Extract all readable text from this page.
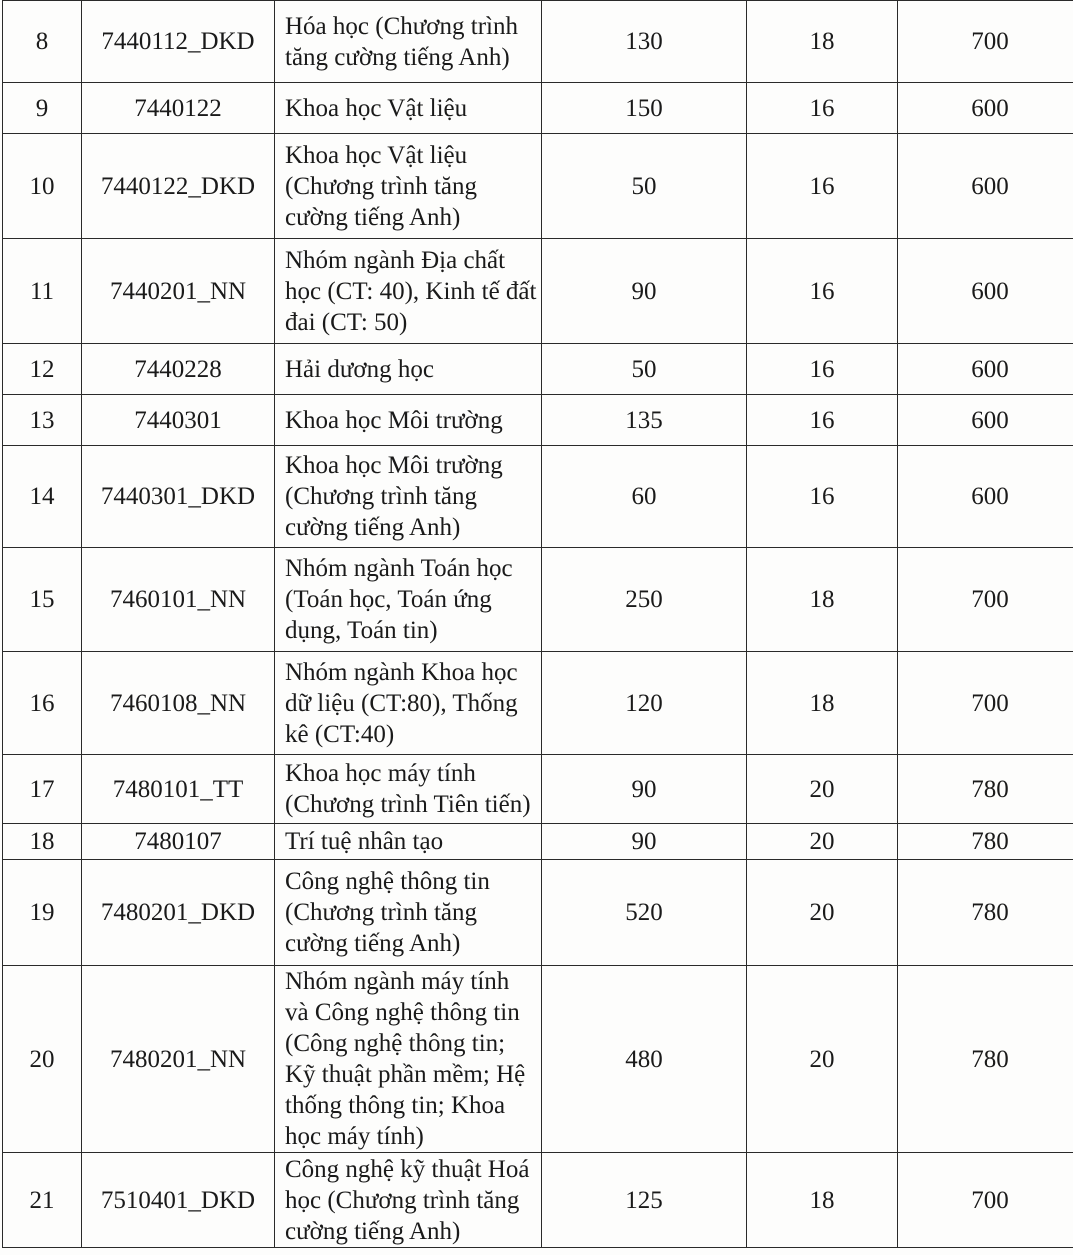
8	7440112_DKD	Hóa học (Chương trình tăng cường tiếng Anh)	130	18	700
9	7440122	Khoa học Vật liệu	150	16	600
10	7440122_DKD	Khoa học Vật liệu (Chương trình tăng cường tiếng Anh)	50	16	600
11	7440201_NN	Nhóm ngành Địa chất học (CT: 40), Kinh tế đất đai (CT: 50)	90	16	600
12	7440228	Hải dương học	50	16	600
13	7440301	Khoa học Môi trường	135	16	600
14	7440301_DKD	Khoa học Môi trường (Chương trình tăng cường tiếng Anh)	60	16	600
15	7460101_NN	Nhóm ngành Toán học (Toán học, Toán ứng dụng, Toán tin)	250	18	700
16	7460108_NN	Nhóm ngành Khoa học dữ liệu (CT:80), Thống kê (CT:40)	120	18	700
17	7480101_TT	Khoa học máy tính (Chương trình Tiên tiến)	90	20	780
18	7480107	Trí tuệ nhân tạo	90	20	780
19	7480201_DKD	Công nghệ thông tin (Chương trình tăng cường tiếng Anh)	520	20	780
20	7480201_NN	Nhóm ngành máy tính và Công nghệ thông tin (Công nghệ thông tin; Kỹ thuật phần mềm; Hệ thống thông tin; Khoa học máy tính)	480	20	780
21	7510401_DKD	Công nghệ kỹ thuật Hoá học (Chương trình tăng cường tiếng Anh)	125	18	700
